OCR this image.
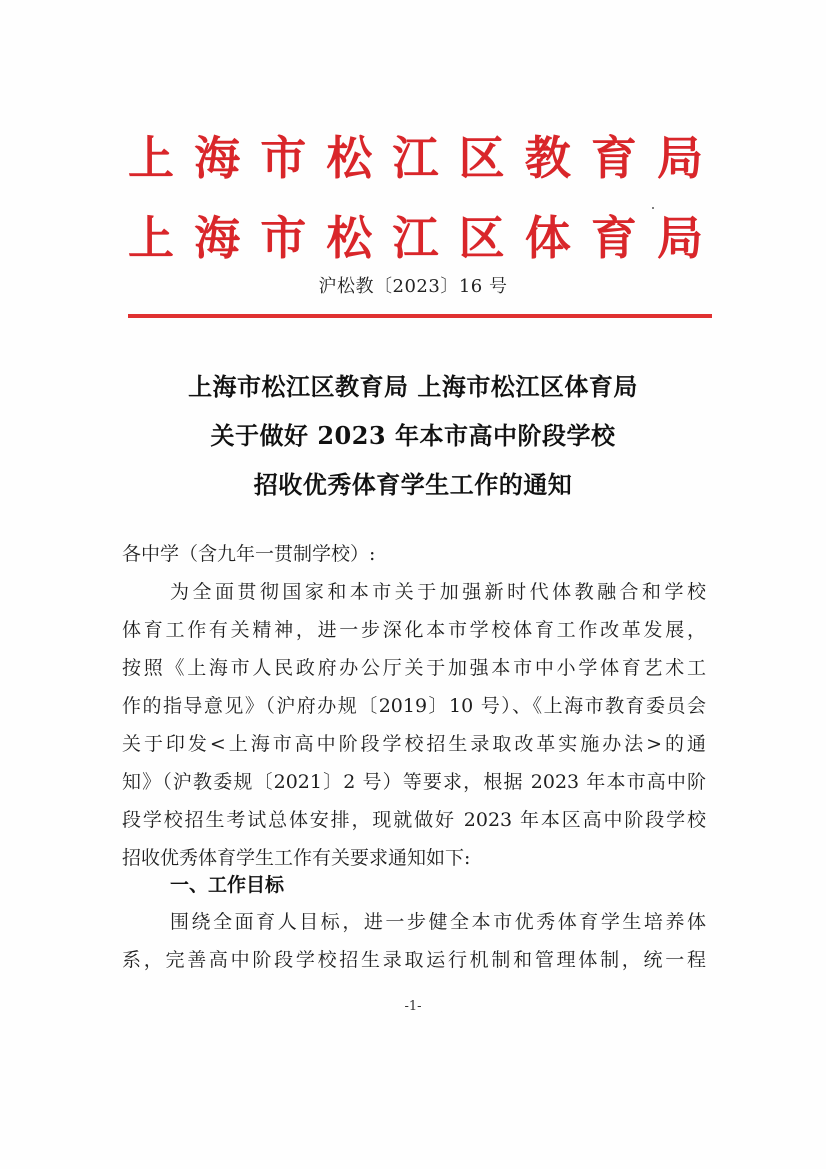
上 海 市 松 江 区 教 育 局
上 海 市 松 江 区 体 育 局
沪松教〔2023〕16 号
上海市松江区教育局 上海市松江区体育局
关于做好 2023 年本市高中阶段学校
招收优秀体育学生工作的通知
各中学（含九年一贯制学校）:
为全面贯彻国家和本市关于加强新时代体教融合和学校
体育工作有关精神，进一步深化本市学校体育工作改革发展，
按照《上海市人民政府办公厅关于加强本市中小学体育艺术工
作的指导意见》（沪府办规〔2019〕10 号）、《上海市教育委员会
关于印发<上海市高中阶段学校招生录取改革实施办法>的通
知》（沪教委规〔2021〕2 号）等要求，根据 2023 年本市高中阶
段学校招生考试总体安排，现就做好 2023 年本区高中阶段学校
招收优秀体育学生工作有关要求通知如下:
一、工作目标
围绕全面育人目标，进一步健全本市优秀体育学生培养体
系，完善高中阶段学校招生录取运行机制和管理体制，统一程
-1-
